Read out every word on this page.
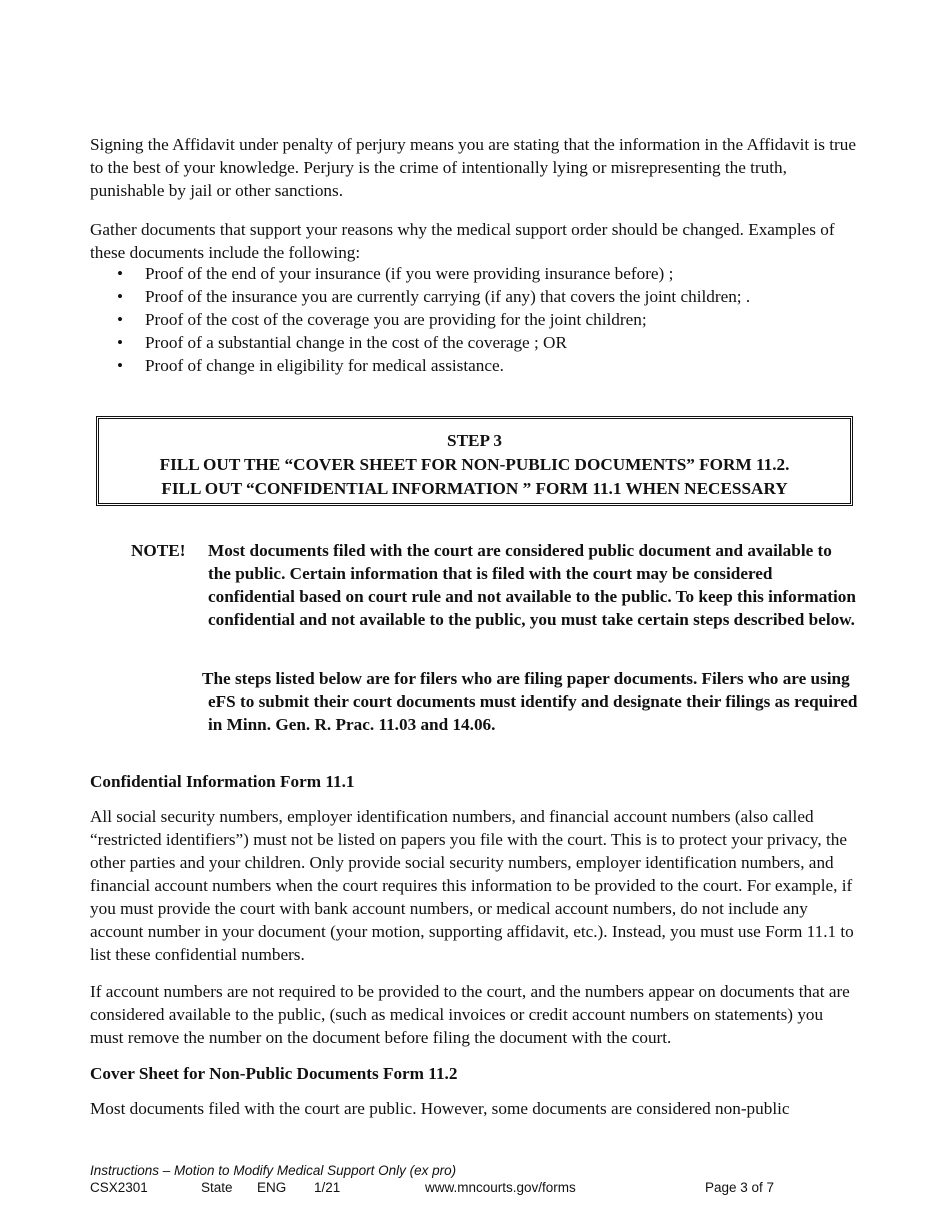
Signing the Affidavit under penalty of perjury means you are stating that the information in the Affidavit is true to the best of your knowledge. Perjury is the crime of intentionally lying or misrepresenting the truth, punishable by jail or other sanctions.

Gather documents that support your reasons why the medical support order should be changed. Examples of these documents include the following:

• Proof of the end of your insurance (if you were providing insurance before) ;
• Proof of the insurance you are currently carrying (if any) that covers the joint children; .
• Proof of the cost of the coverage you are providing for the joint children;
• Proof of a substantial change in the cost of the coverage ; OR
• Proof of change in eligibility for medical assistance.
STEP 3
FILL OUT THE “COVER SHEET FOR NON-PUBLIC DOCUMENTS” FORM 11.2.
FILL OUT “CONFIDENTIAL INFORMATION ” FORM 11.1 WHEN NECESSARY
NOTE! Most documents filed with the court are considered public document and available to the public. Certain information that is filed with the court may be considered confidential based on court rule and not available to the public. To keep this information confidential and not available to the public, you must take certain steps described below.

The steps listed below are for filers who are filing paper documents. Filers who are using eFS to submit their court documents must identify and designate their filings as required in Minn. Gen. R. Prac. 11.03 and 14.06.

Confidential Information Form 11.1

All social security numbers, employer identification numbers, and financial account numbers (also called “restricted identifiers”) must not be listed on papers you file with the court. This is to protect your privacy, the other parties and your children. Only provide social security numbers, employer identification numbers, and financial account numbers when the court requires this information to be provided to the court. For example, if you must provide the court with bank account numbers, or medical account numbers, do not include any account number in your document (your motion, supporting affidavit, etc.). Instead, you must use Form 11.1 to list these confidential numbers.

If account numbers are not required to be provided to the court, and the numbers appear on documents that are considered available to the public, (such as medical invoices or credit account numbers on statements) you must remove the number on the document before filing the document with the court.

Cover Sheet for Non-Public Documents Form 11.2

Most documents filed with the court are public. However, some documents are considered non-public

Instructions – Motion to Modify Medical Support Only (ex pro)
CSX2301	State ENG 1/21	www.mncourts.gov/forms	Page 3 of 7
